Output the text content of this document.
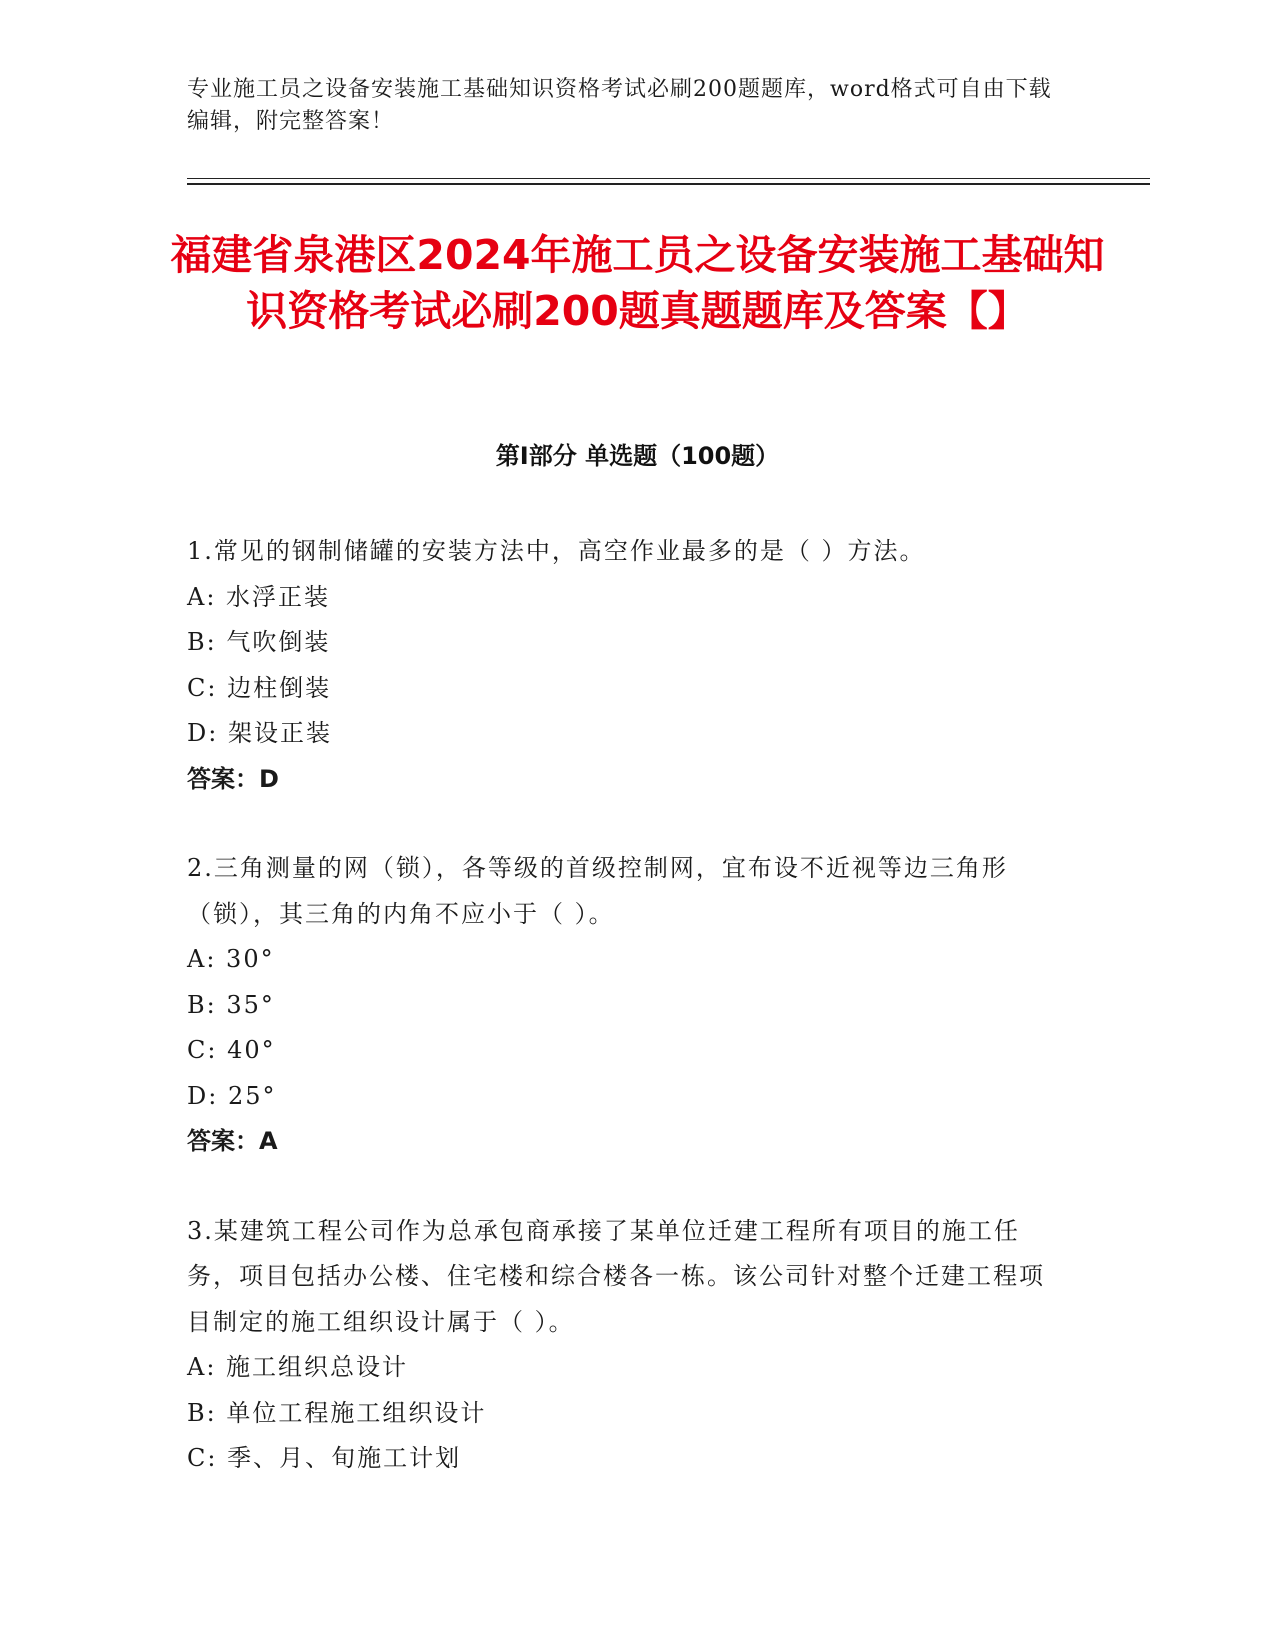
专业施工员之设备安装施工基础知识资格考试必刷200题题库，word格式可自由下载编辑，附完整答案！
福建省泉港区2024年施工员之设备安装施工基础知识资格考试必刷200题真题题库及答案【】
第I部分 单选题（100题）
1.常见的钢制储罐的安装方法中，高空作业最多的是（ ）方法。
A: 水浮正装
B: 气吹倒装
C: 边柱倒装
D: 架设正装
答案：D
2.三角测量的网（锁），各等级的首级控制网，宜布设不近视等边三角形（锁），其三角的内角不应小于（ ）。
A: 30°
B: 35°
C: 40°
D: 25°
答案：A
3.某建筑工程公司作为总承包商承接了某单位迁建工程所有项目的施工任务，项目包括办公楼、住宅楼和综合楼各一栋。该公司针对整个迁建工程项目制定的施工组织设计属于（ ）。
A: 施工组织总设计
B: 单位工程施工组织设计
C: 季、月、旬施工计划
